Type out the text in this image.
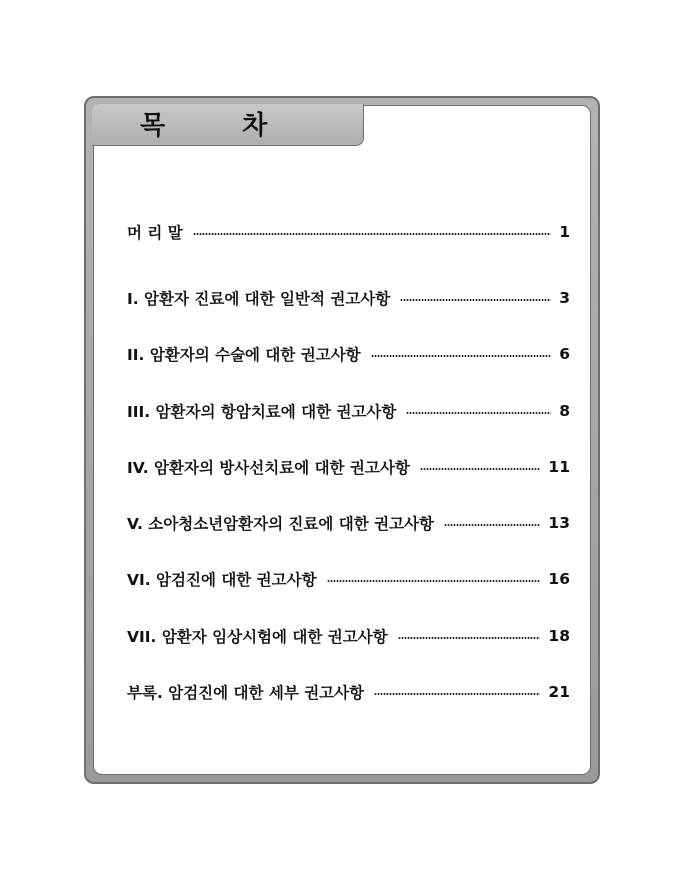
목 차
머 리 말	1
I. 암환자 진료에 대한 일반적 권고사항	3
II. 암환자의 수술에 대한 권고사항	6
III. 암환자의 항암치료에 대한 권고사항	8
IV. 암환자의 방사선치료에 대한 권고사항	11
V. 소아청소년암환자의 진료에 대한 권고사항	13
VI. 암검진에 대한 권고사항	16
VII. 암환자 임상시험에 대한 권고사항	18
부록. 암검진에 대한 세부 권고사항	21
